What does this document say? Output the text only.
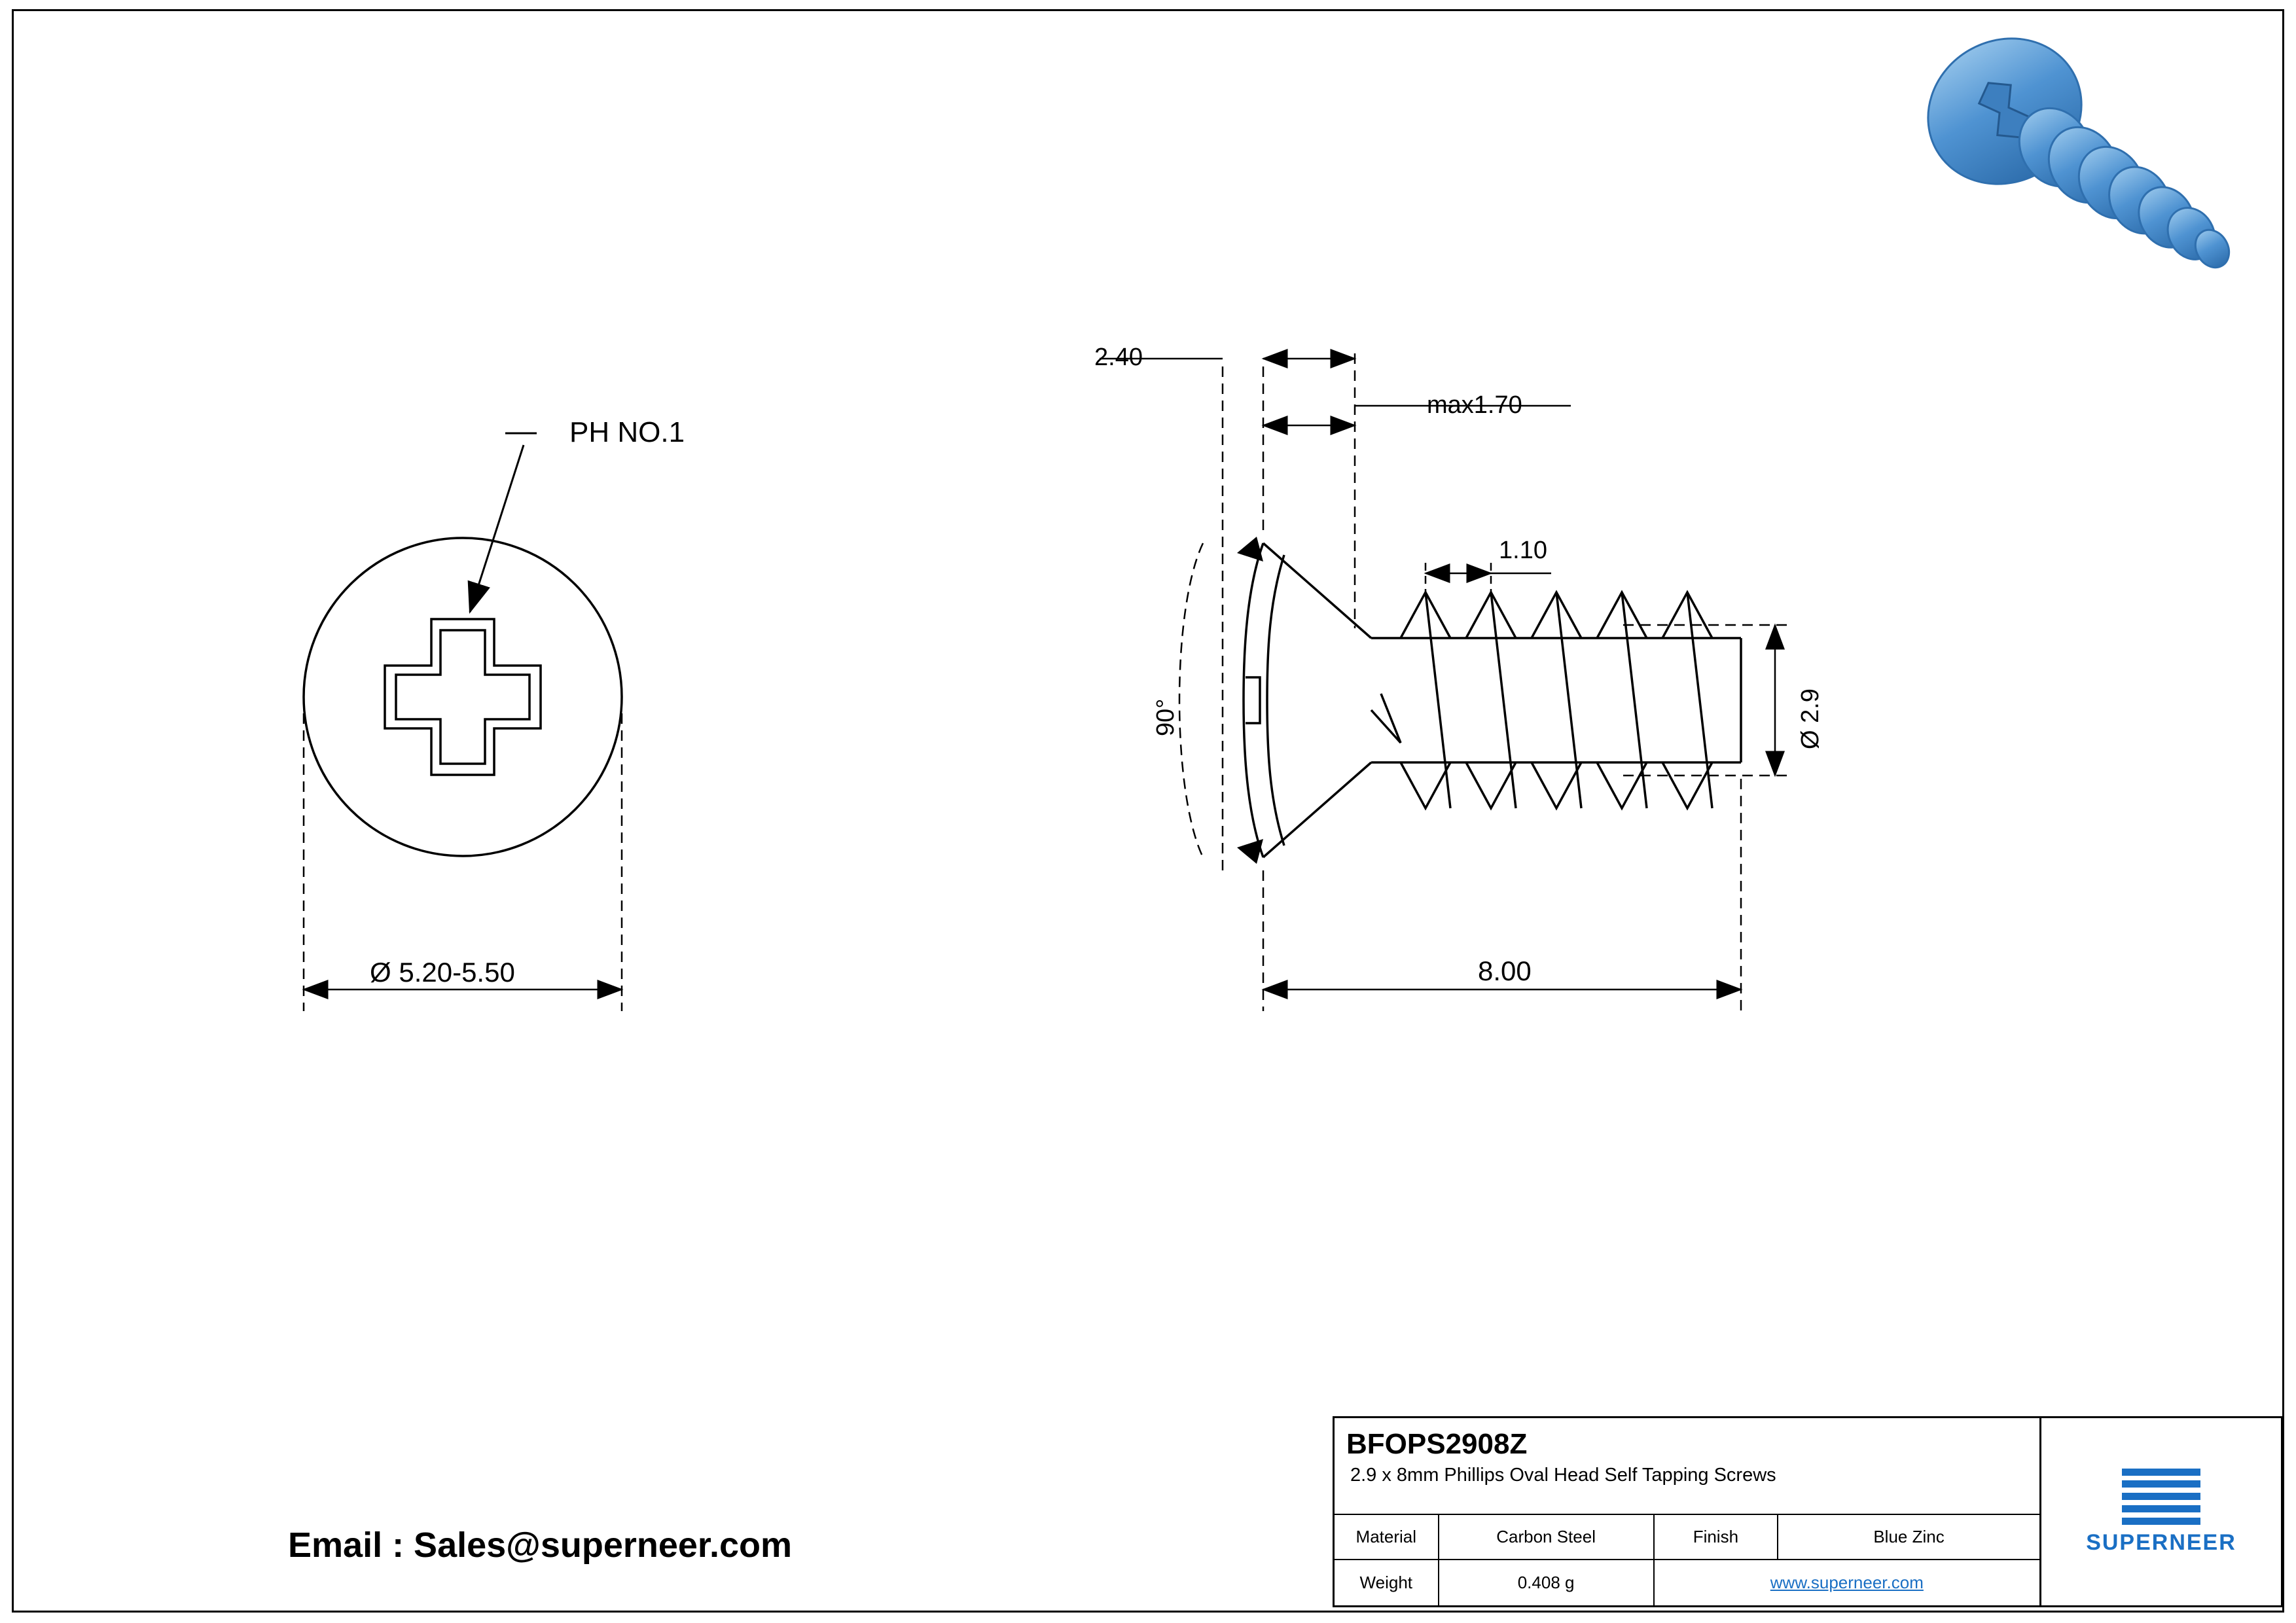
PH NO.1
Ø 5.20-5.50
2.40
max1.70
1.10
90°	Ø 2.9
8.00
Email : Sales@superneer.com
BFOPS2908Z
2.9 x 8mm Phillips Oval Head Self Tapping Screws
Material	Carbon Steel	Finish	Blue Zinc
Weight	0.408 g	www.superneer.com
SUPERNEER
